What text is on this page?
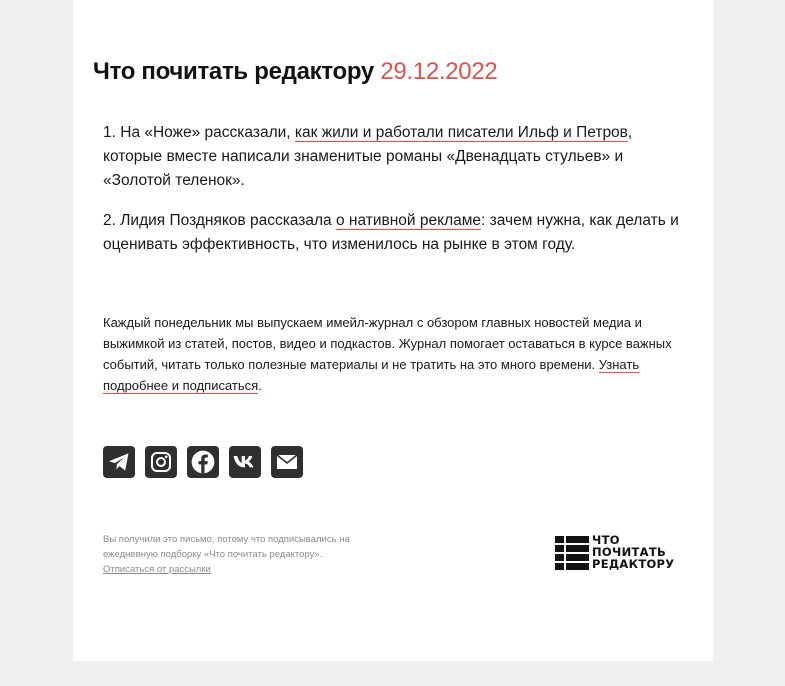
Что почитать редактору 29.12.2022

1. На «Ноже» рассказали, как жили и работали писатели Ильф и Петров, которые вместе написали знаменитые романы «Двенадцать стульев» и «Золотой теленок».

2. Лидия Поздняков рассказала о нативной рекламе: зачем нужна, как делать и оценивать эффективность, что изменилось на рынке в этом году.

Каждый понедельник мы выпускаем имейл-журнал с обзором главных новостей медиа и выжимкой из статей, постов, видео и подкастов. Журнал помогает оставаться в курсе важных событий, читать только полезные материалы и не тратить на это много времени. Узнать подробнее и подписаться.

Вы получили это письмо, потому что подписывались на ежедневную подборку «Что почитать редактору».
Отписаться от рассылки

ЧТО
ПОЧИТАТЬ
РЕДАКТОРУ
